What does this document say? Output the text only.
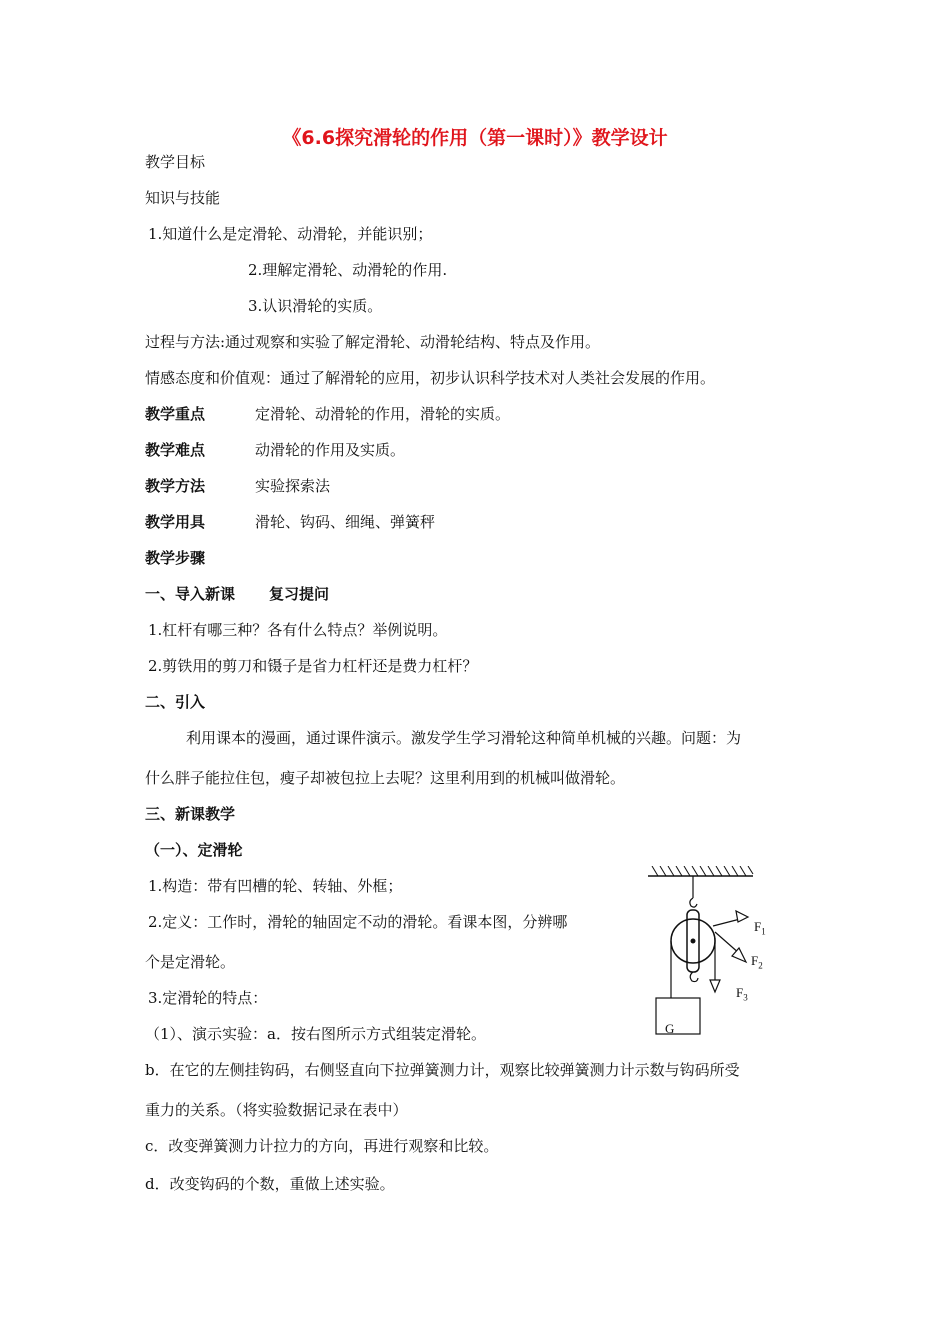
《6.6探究滑轮的作用（第一课时）》教学设计
教学目标
知识与技能
1.知道什么是定滑轮、动滑轮，并能识别；
2.理解定滑轮、动滑轮的作用.
3.认识滑轮的实质。
过程与方法:通过观察和实验了解定滑轮、动滑轮结构、特点及作用。
情感态度和价值观：通过了解滑轮的应用，初步认识科学技术对人类社会发展的作用。
教学重点	定滑轮、动滑轮的作用，滑轮的实质。
教学难点	动滑轮的作用及实质。
教学方法	实验探索法
教学用具	滑轮、钩码、细绳、弹簧秤
教学步骤
一、导入新课 复习提问
1.杠杆有哪三种？各有什么特点？举例说明。
2.剪铁用的剪刀和镊子是省力杠杆还是费力杠杆？
二、引入
利用课本的漫画，通过课件演示。激发学生学习滑轮这种简单机械的兴趣。问题：为
什么胖子能拉住包，瘦子却被包拉上去呢？这里利用到的机械叫做滑轮。
三、新课教学
（一）、定滑轮
1.构造：带有凹槽的轮、转轴、外框；
2.定义：工作时，滑轮的轴固定不动的滑轮。看课本图，分辨哪
个是定滑轮。
3.定滑轮的特点：
（1）、演示实验：a．按右图所示方式组装定滑轮。
b．在它的左侧挂钩码，右侧竖直向下拉弹簧测力计，观察比较弹簧测力计示数与钩码所受
重力的关系。（将实验数据记录在表中）
c．改变弹簧测力计拉力的方向，再进行观察和比较。
d．改变钩码的个数，重做上述实验。
$F_1$
$F_2$
$F_3$
G
